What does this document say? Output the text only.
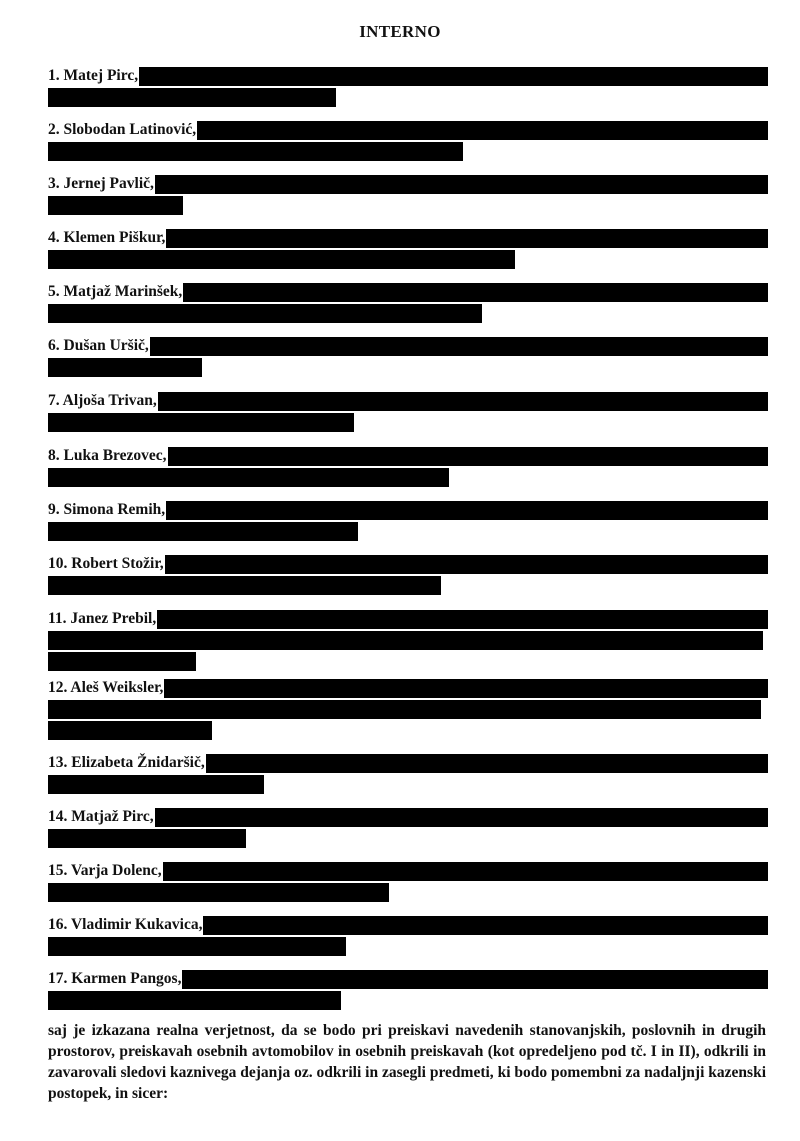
INTERNO
1. Matej Pirc,
2. Slobodan Latinović,
3. Jernej Pavlič,
4. Klemen Piškur,
5. Matjaž Marinšek,
6. Dušan Uršič,
7. Aljoša Trivan,
8. Luka Brezovec,
9. Simona Remih,
10. Robert Stožir,
11. Janez Prebil,
12. Aleš Weiksler,
13. Elizabeta Žnidaršič,
14. Matjaž Pirc,
15. Varja Dolenc,
16. Vladimir Kukavica,
17. Karmen Pangos,
saj je izkazana realna verjetnost, da se bodo pri preiskavi navedenih stanovanjskih, poslovnih in drugih prostorov, preiskavah osebnih avtomobilov in osebnih preiskavah (kot opredeljeno pod tč. I in II), odkrili in zavarovali sledovi kaznivega dejanja oz. odkrili in zasegli predmeti, ki bodo pomembni za nadaljnji kazenski postopek, in sicer:
